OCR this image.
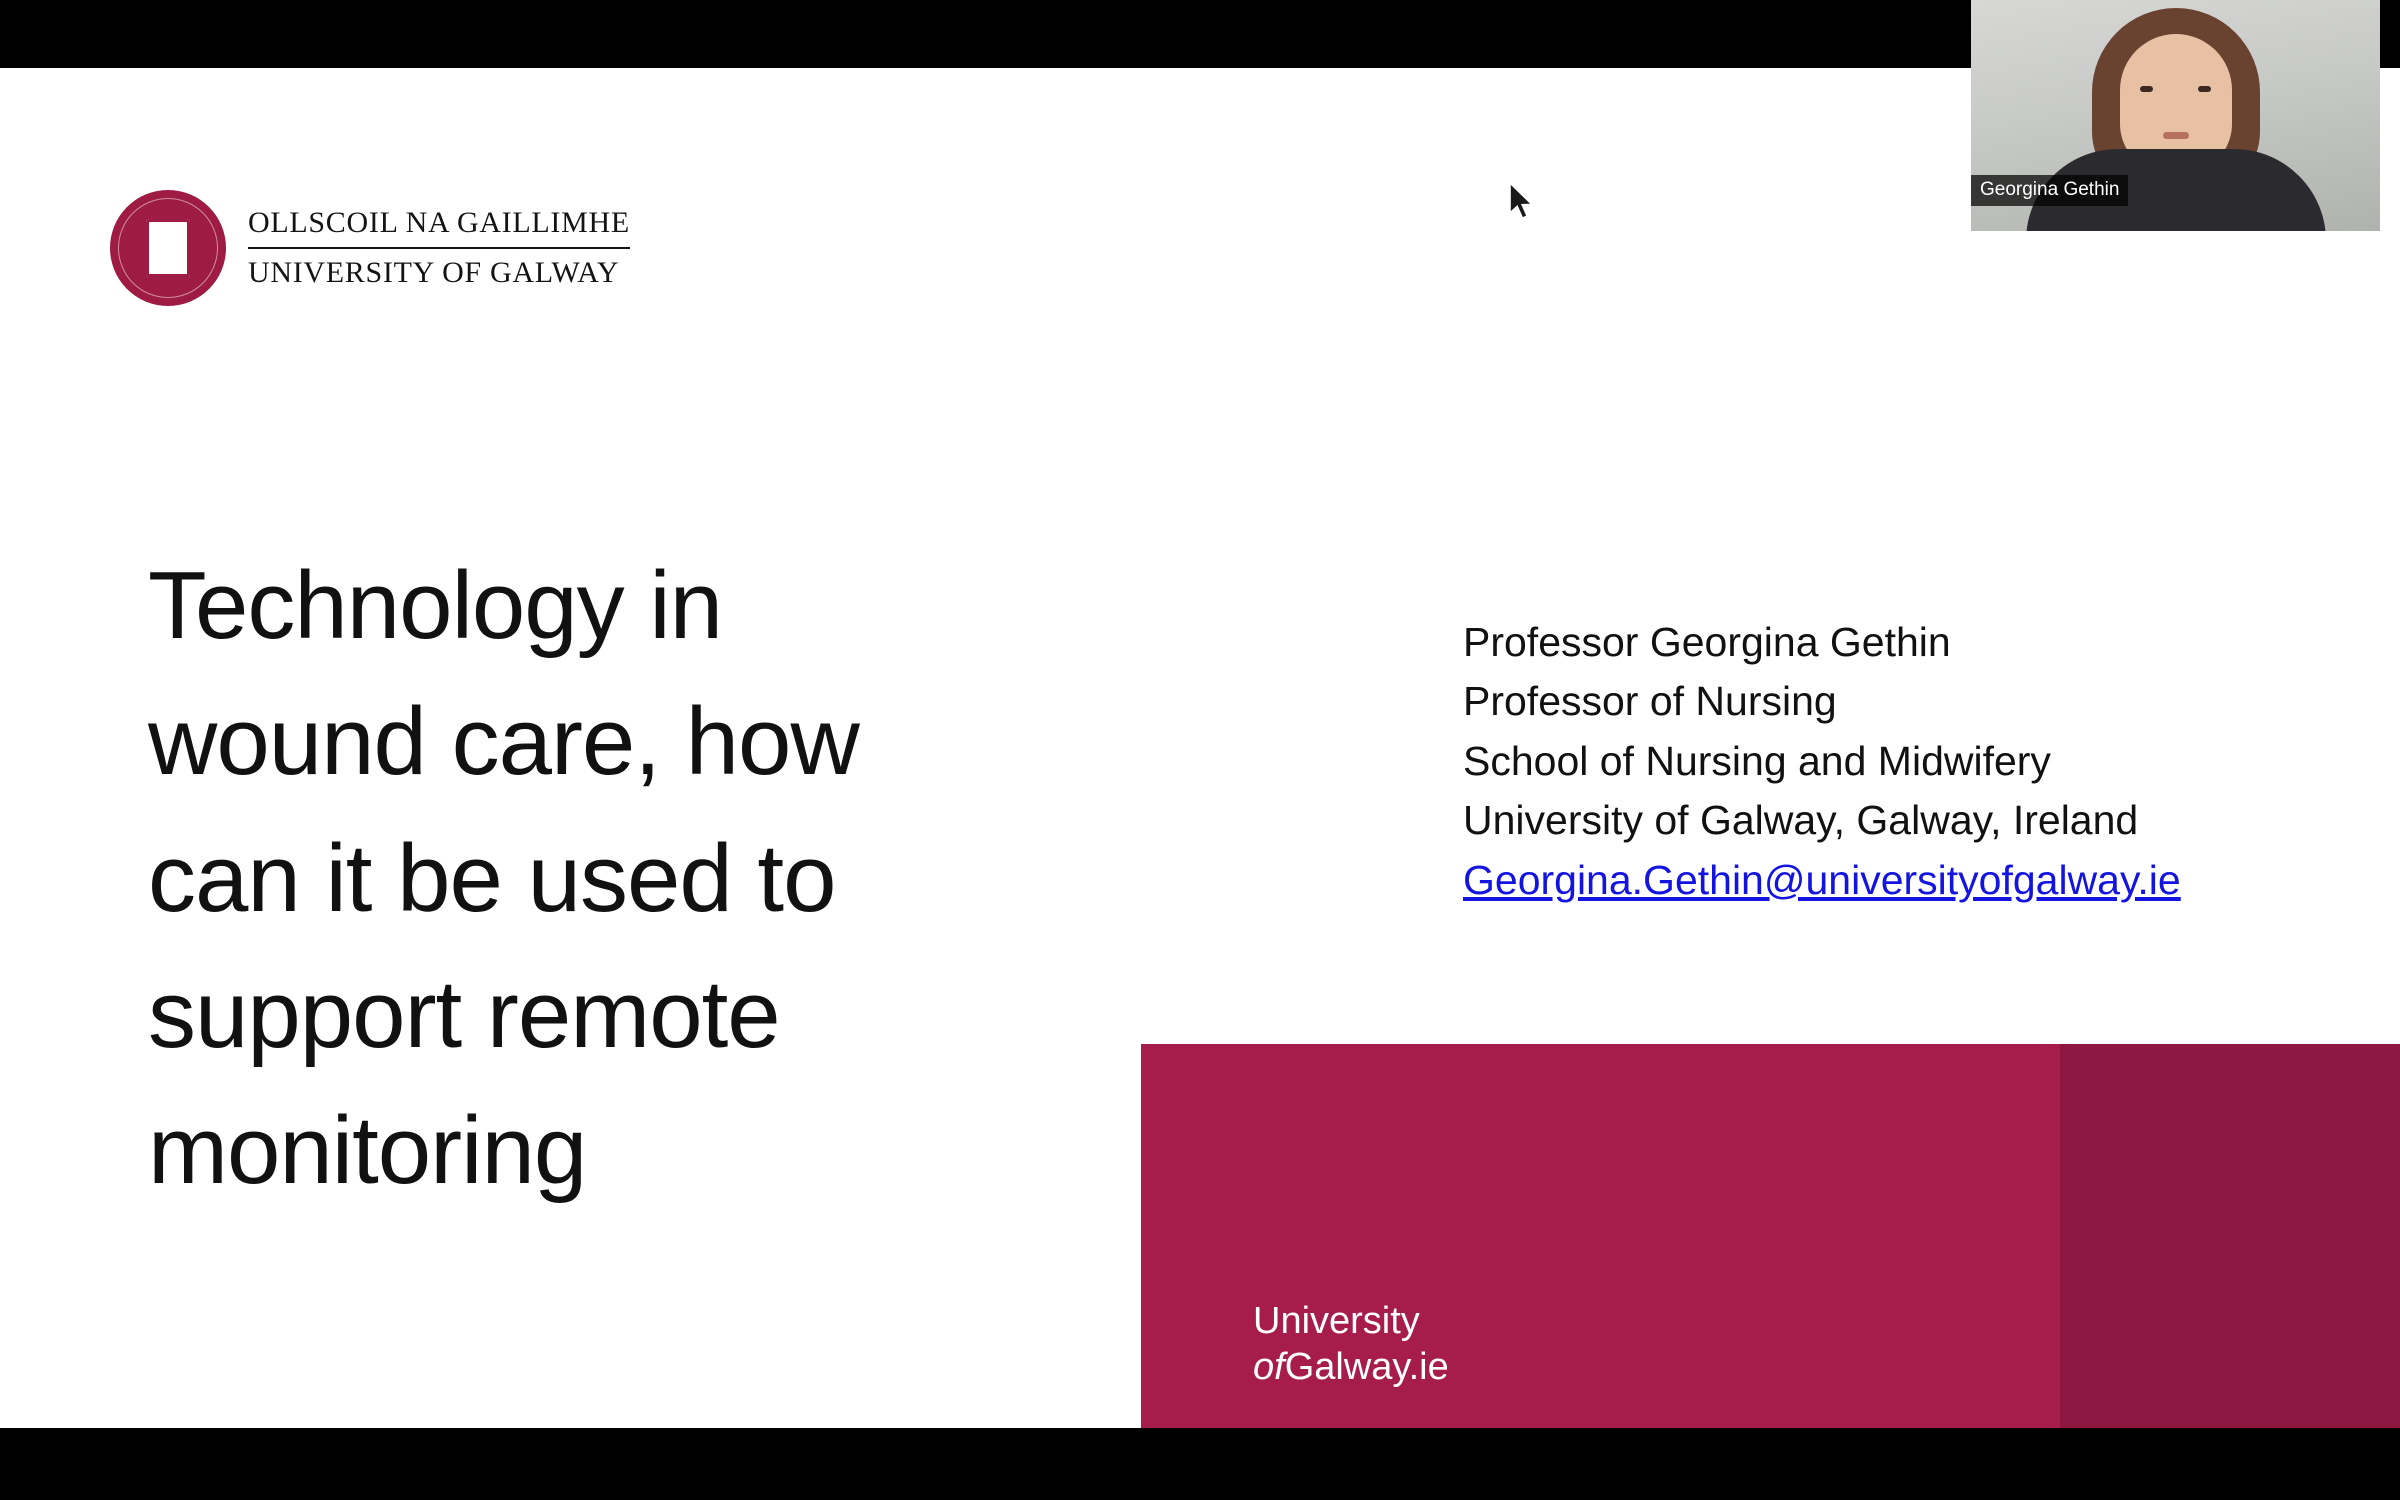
OLLSCOIL NA GAILLIMHE
UNIVERSITY OF GALWAY
Technology in wound care, how can it be used to support remote monitoring
Professor Georgina Gethin
Professor of Nursing
School of Nursing and Midwifery
University of Galway, Galway, Ireland
Georgina.Gethin@universityofgalway.ie
University
ofGalway.ie
Georgina Gethin
